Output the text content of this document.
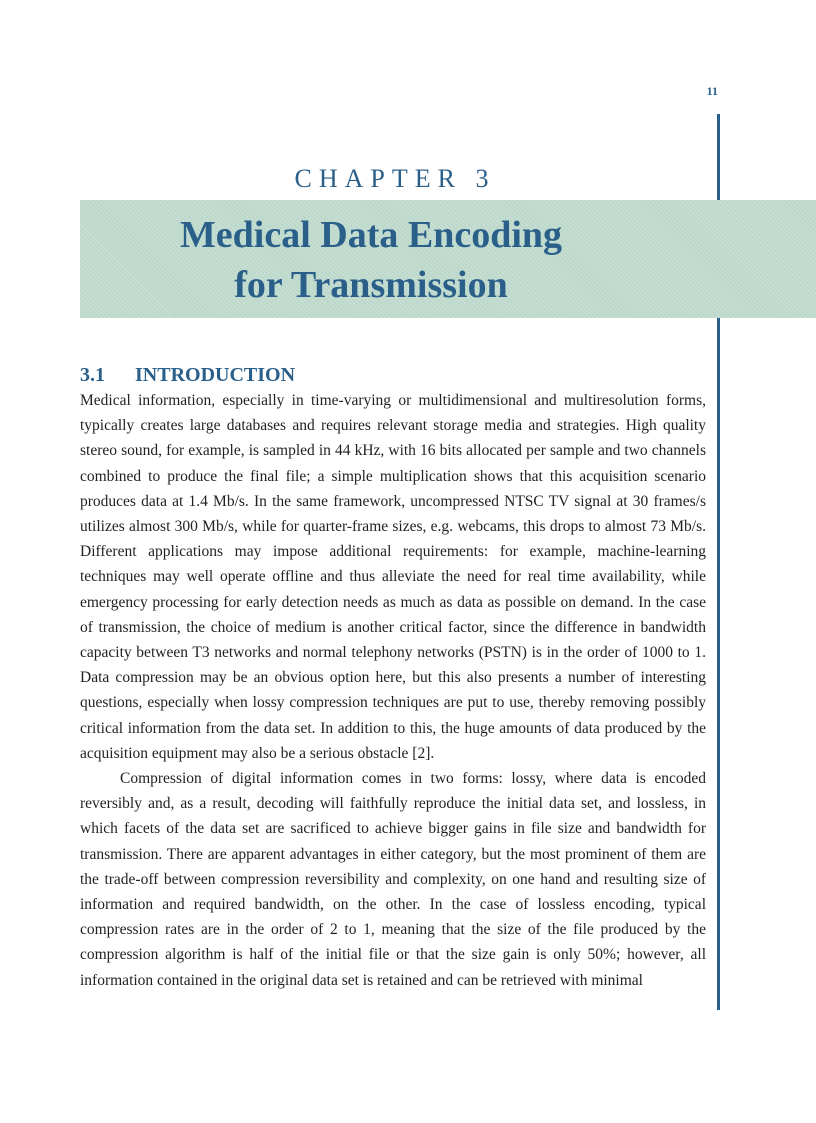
11
CHAPTER 3
Medical Data Encoding
for Transmission
3.1 INTRODUCTION

Medical information, especially in time-varying or multidimensional and multiresolution forms, typically creates large databases and requires relevant storage media and strategies. High quality stereo sound, for example, is sampled in 44 kHz, with 16 bits allocated per sample and two channels combined to produce the final file; a simple multiplication shows that this acquisition scenario produces data at 1.4 Mb/s. In the same framework, uncompressed NTSC TV signal at 30 frames/s utilizes almost 300 Mb/s, while for quarter-frame sizes, e.g. webcams, this drops to almost 73 Mb/s. Different applications may impose additional requirements: for example, machine-learning techniques may well operate offline and thus alleviate the need for real time availability, while emergency processing for early detection needs as much as data as possible on demand. In the case of transmission, the choice of medium is another critical factor, since the difference in bandwidth capacity between T3 networks and normal telephony networks (PSTN) is in the order of 1000 to 1. Data compression may be an obvious option here, but this also presents a number of interesting questions, especially when lossy compression techniques are put to use, thereby removing possibly critical information from the data set. In addition to this, the huge amounts of data produced by the acquisition equipment may also be a serious obstacle [2].

Compression of digital information comes in two forms: lossy, where data is encoded reversibly and, as a result, decoding will faithfully reproduce the initial data set, and lossless, in which facets of the data set are sacrificed to achieve bigger gains in file size and bandwidth for transmission. There are apparent advantages in either category, but the most prominent of them are the trade-off between compression reversibility and complexity, on one hand and resulting size of information and required bandwidth, on the other. In the case of lossless encoding, typical compression rates are in the order of 2 to 1, meaning that the size of the file produced by the compression algorithm is half of the initial file or that the size gain is only 50%; however, all information contained in the original data set is retained and can be retrieved with minimal
